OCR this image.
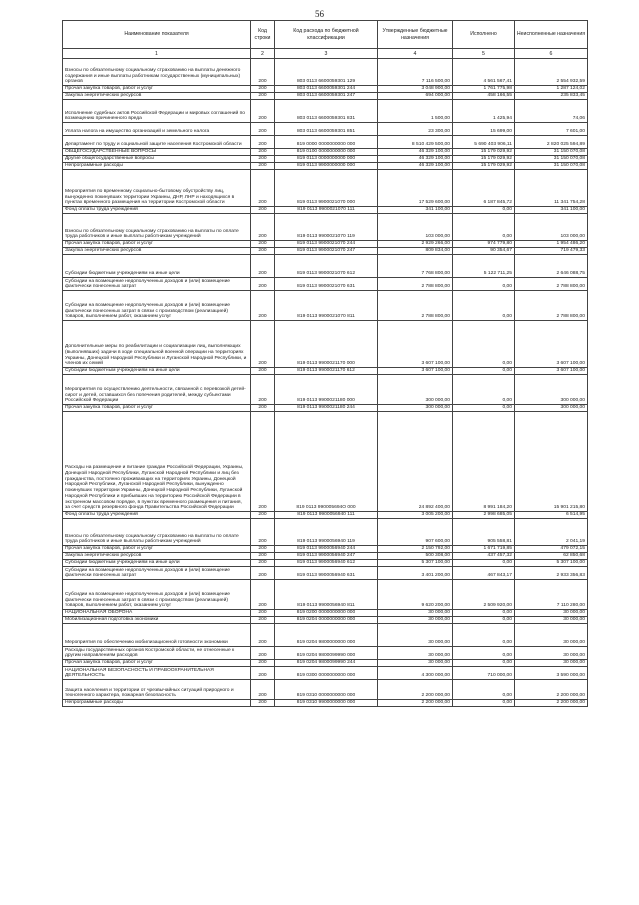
56
Наименование показателя	Код строки	Код расхода по бюджетной классификации	Утвержденные бюджетные назначения	Исполнено	Неисполненные назначения
1	2	3	4	5	6
Взносы по обязательному социальному страхованию на выплаты денежного содержания и иные выплаты работникам государственных (муниципальных) органов	200	803 0113 6600059301 129	7 116 500,00	4 561 567,41	2 554 932,59
Прочая закупка товаров, работ и услуг	200	803 0113 6600059301 244	3 048 900,00	1 761 775,98	1 287 124,02
Закупка энергетических ресурсов	200	803 0113 6600059301 247	694 000,00	458 166,55	235 833,45
Исполнение судебных актов Российской Федерации и мировых соглашений по возмещению причиненного вреда	200	803 0113 6600059301 831	1 500,00	1 425,94	74,06
Уплата налога на имущество организаций и земельного налога	200	803 0113 6600059301 851	23 300,00	15 699,00	7 601,00
Департамент по труду и социальной защите населения Костромской области	200	819 0000 0000000000 000	8 510 429 500,00	5 690 403 906,11	2 820 025 594,89
ОБЩЕГОСУДАРСТВЕННЫЕ ВОПРОСЫ	200	819 0100 0000000000 000	46 329 100,00	15 179 029,92	31 150 070,08
Другие общегосударственные вопросы	200	819 0113 0000000000 000	46 329 100,00	15 179 029,92	31 150 070,08
Непрограммные расходы	200	819 0113 9900000000 000	46 329 100,00	15 179 029,92	31 150 070,08
Мероприятия по временному социально-бытовому обустройству лиц, вынужденно покинувших территории Украины, ДНР, ЛНР и находящихся в пунктах временного размещения на территории Костромской области	200	819 0113 9900021070 000	17 529 600,00	6 187 845,72	11 341 754,28
Фонд оплаты труда учреждений	200	819 0113 9900021070 111	341 100,00	0,00	341 100,00
Взносы по обязательному социальному страхованию на выплаты по оплате труда работников и иные выплаты работникам учреждений	200	819 0113 9900021070 119	103 000,00	0,00	103 000,00
Прочая закупка товаров, работ и услуг	200	819 0113 9900021070 244	2 929 266,00	974 779,80	1 954 486,20
Закупка энергетических ресурсов	200	819 0113 9900021070 247	809 834,00	90 354,67	719 479,33
Субсидии бюджетным учреждениям на иные цели	200	819 0113 9900021070 612	7 768 800,00	5 122 711,25	2 646 088,75
Субсидии на возмещение недополученных доходов и (или) возмещение фактически понесенных затрат	200	819 0113 9900021070 631	2 788 800,00	0,00	2 788 800,00
Субсидии на возмещение недополученных доходов и (или) возмещение фактически понесенных затрат в связи с производством (реализацией) товаров, выполнением работ, оказанием услуг	200	819 0113 9900021070 811	2 788 800,00	0,00	2 788 800,00
Дополнительные меры по реабилитации и социализации лиц, выполняющих (выполнявших) задачи в ходе специальной военной операции на территориях Украины, Донецкой Народной Республики и Луганской Народной Республики, и членов их семей	200	819 0113 9900021170 000	3 607 100,00	0,00	3 607 100,00
Субсидии бюджетным учреждениям на иные цели	200	819 0113 9900021170 612	3 607 100,00	0,00	3 607 100,00
Мероприятия по осуществлению деятельности, связанной с перевозкой детей-сирот и детей, оставшихся без попечения родителей, между субъектами Российской Федерации	200	819 0113 9900021180 000	300 000,00	0,00	300 000,00
Прочая закупка товаров, работ и услуг	200	819 0113 9900021180 244	300 000,00	0,00	300 000,00
Расходы на размещение и питание граждан Российской Федерации, Украины, Донецкой Народной Республики, Луганской Народной Республики и лиц без гражданства, постоянно проживающих на территориях Украины, Донецкой Народной Республики, Луганской Народной Республики, вынужденно покинувших территории Украины, Донецкой Народной Республики, Луганской Народной Республики и прибывших на территорию Российской Федерации в экстренном массовом порядке, в пунктах временного размещения и питания, за счет средств резервного фонда Правительства Российской Федерации	200	819 0113 990005694О 000	24 892 400,00	8 991 184,20	15 901 215,80
Фонд оплаты труда учреждений	200	819 0113 9900056940 111	3 005 200,00	2 998 685,05	6 514,95
Взносы по обязательному социальному страхованию на выплаты по оплате труда работников и иные выплаты работникам учреждений	200	819 0113 9900056940 119	907 600,00	905 558,81	2 041,19
Прочая закупка товаров, работ и услуг	200	819 0113 9900056940 244	2 150 792,00	1 671 719,85	479 072,15
Закупка энергетических ресурсов	200	819 0113 9900056940 247	500 308,00	437 457,32	62 850,68
Субсидии бюджетным учреждениям на иные цели	200	819 0113 9900056940 612	5 307 100,00	0,00	5 307 100,00
Субсидии на возмещение недополученных доходов и (или) возмещение фактически понесенных затрат	200	819 0113 9900056940 631	3 401 200,00	467 843,17	2 933 356,83
Субсидии на возмещение недополученных доходов и (или) возмещение фактически понесенных затрат в связи с производством (реализацией) товаров, выполнением работ, оказанием услуг	200	819 0113 9900056940 811	9 620 200,00	2 509 920,00	7 110 280,00
НАЦИОНАЛЬНАЯ ОБОРОНА	200	819 0200 0000000000 000	30 000,00	0,00	30 000,00
Мобилизационная подготовка экономики	200	819 0204 0000000000 000	30 000,00	0,00	30 000,00
Мероприятия по обеспечению мобилизационной готовности экономики	200	819 0204 9800000000 000	30 000,00	0,00	30 000,00
Расходы государственных органов Костромской области, не отнесенные к другим направлениям расходов	200	819 0204 9800099990 000	30 000,00	0,00	30 000,00
Прочая закупка товаров, работ и услуг	200	819 0204 9800099990 244	30 000,00	0,00	30 000,00
НАЦИОНАЛЬНАЯ БЕЗОПАСНОСТЬ И ПРАВООХРАНИТЕЛЬНАЯ ДЕЯТЕЛЬНОСТЬ	200	819 0300 0000000000 000	4 300 000,00	710 000,00	3 590 000,00
Защита населения и территории от чрезвычайных ситуаций природного и техногенного характера, пожарная безопасность	200	819 0310 0000000000 000	2 200 000,00	0,00	2 200 000,00
Непрограммные расходы	200	819 0310 9900000000 000	2 200 000,00	0,00	2 200 000,00
